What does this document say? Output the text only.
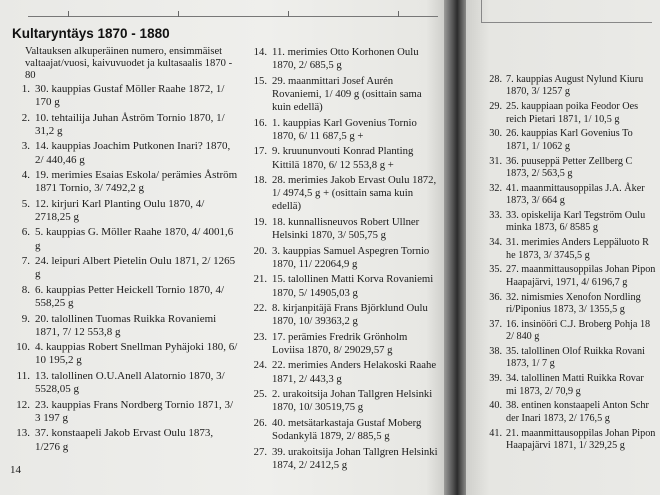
Kultaryntäys 1870 - 1880
Valtauksen alkuperäinen numero, ensimmäiset valtaajat/vuosi, kaivuvuodet ja kultasaalis 1870 - 80
1. 30. kauppias Gustaf Möller Raahe 1872, 1/ 170 g
2. 10. tehtailija Juhan Åström Tornio 1870, 1/ 31,2 g
3. 14. kauppias Joachim Putkonen Inari? 1870, 2/ 440,46 g
4. 19. merimies Esaias Eskola/ perämies Åström 1871 Tornio, 3/ 7492,2 g
5. 12. kirjuri Karl Planting Oulu 1870, 4/ 2718,25 g
6. 5. kauppias G. Möller Raahe 1870, 4/ 4001,6 g
7. 24. leipuri Albert Pietelin Oulu 1871, 2/ 1265 g
8. 6. kauppias Petter Heickell Tornio 1870, 4/ 558,25 g
9. 20. talollinen Tuomas Ruikka Rovaniemi 1871, 7/ 12 553,8 g
10. 4. kauppias Robert Snellman Pyhäjoki 180, 6/ 10 195,2 g
11. 13. talollinen O.U.Anell Alatornio 1870, 3/ 5528,05 g
12. 23. kauppias Frans Nordberg Tornio 1871, 3/ 3 197 g
13. 37. konstaapeli Jakob Ervast Oulu 1873, 1/276 g
14. 11. merimies Otto Korhonen Oulu 1870, 2/ 685,5 g
15. 29. maanmittari Josef Aurén Rovaniemi, 1/ 409 g (osittain sama kuin edellä)
16. 1. kauppias Karl Govenius Tornio 1870, 6/ 11 687,5 g +
17. 9. kruununvouti Konrad Planting Kittilä 1870, 6/ 12 553,8 g +
18. 28. merimies Jakob Ervast Oulu 1872, 1/ 4974,5 g + (osittain sama kuin edellä)
19. 18. kunnallisneuvos Robert Ullner Helsinki 1870, 3/ 505,75 g
20. 3. kauppias Samuel Aspegren Tornio 1870, 11/ 22064,9 g
21. 15. talollinen Matti Korva Rovaniemi 1870, 5/ 14905,03 g
22. 8. kirjanpitäjä Frans Björklund Oulu 1870, 10/ 39363,2 g
23. 17. perämies Fredrik Grönholm Loviisa 1870, 8/ 29029,57 g
24. 22. merimies Anders Helakoski Raahe 1871, 2/ 443,3 g
25. 2. urakoitsija Johan Tallgren Helsinki 1870, 10/ 30519,75 g
26. 40. metsätarkastaja Gustaf Moberg Sodankylä 1879, 2/ 885,5 g
27. 39. urakoitsija Johan Tallgren Helsinki 1874, 2/ 2412,5 g
14
28. 7. kauppias August Nylund Kiuru
1870, 3/ 1257 g
29. 25. kauppiaan poika Feodor Oes
reich Pietari 1871, 1/ 10,5 g
30. 26. kauppias Karl Govenius To
1871, 1/ 1062 g
31. 36. puuseppä Petter Zellberg C
1873, 2/ 563,5 g
32. 41. maanmittausoppilas J.A. Åker
1873, 3/ 664 g
33. 33. opiskelija Karl Tegström Oulu
minka 1873, 6/ 8585 g
34. 31. merimies Anders Leppäluoto R
he 1873, 3/ 3745,5 g
35. 27. maanmittausoppilas Johan Pipon
Haapajärvi, 1971, 4/ 6196,7 g
36. 32. nimismies Xenofon Nordling
ri/Piponius 1873, 3/ 1355,5 g
37. 16. insinööri C.J. Broberg Pohja 18
2/ 840 g
38. 35. talollinen Olof Ruikka Rovani
1873, 1/ 7 g
39. 34. talollinen Matti Ruikka Rovar
mi 1873, 2/ 70,9 g
40. 38. entinen konstaapeli Anton Schr
der Inari 1873, 2/ 176,5 g
41. 21. maanmittausoppilas Johan Pipon
Haapajärvi 1871, 1/ 329,25 g
